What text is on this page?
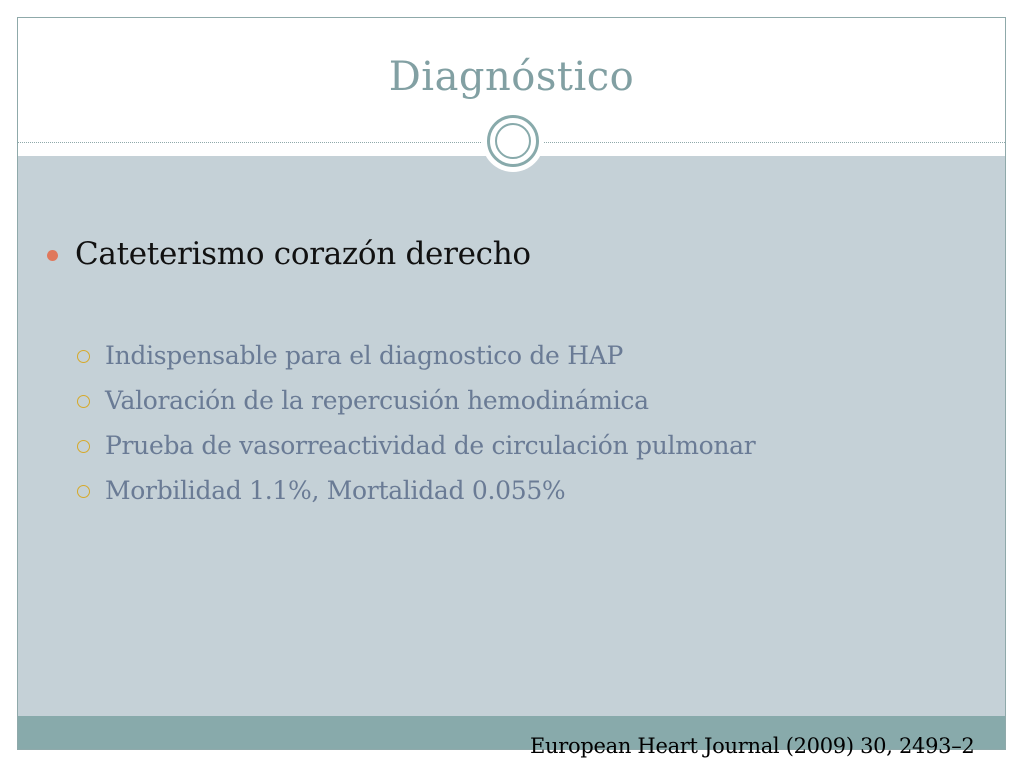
Diagnóstico
Cateterismo corazón derecho
Indispensable para el diagnostico de HAP
Valoración de la repercusión hemodinámica
Prueba de vasorreactividad de circulación pulmonar
Morbilidad 1.1%, Mortalidad 0.055%
European Heart Journal (2009) 30, 2493–2
